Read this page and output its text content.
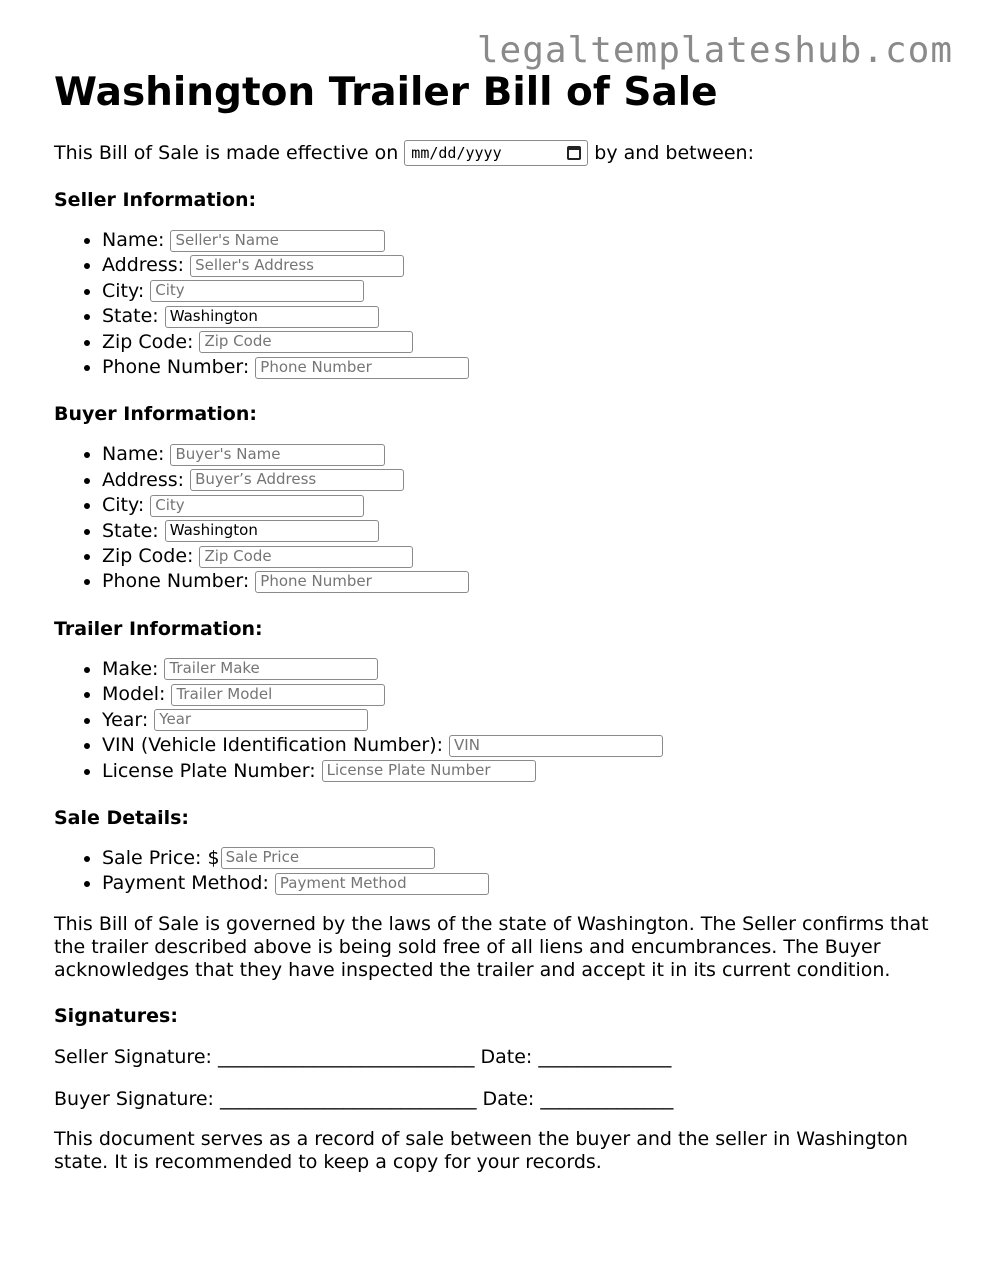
legaltemplateshub.com
Washington Trailer Bill of Sale
This Bill of Sale is made effective on mm/dd/yyyy	by and between:
Seller Information:
• Name: Seller's Name
• Address: Seller's Address
• City: City
• State: Washington
• Zip Code: Zip Code
• Phone Number: Phone Number
Buyer Information:
• Name: Buyer's Name
• Address: Buyer’s Address
• City: City
• State: Washington
• Zip Code: Zip Code
• Phone Number: Phone Number
Trailer Information:
• Make: Trailer Make
• Model: Trailer Model
• Year: Year
• VIN (Vehicle Identification Number): VIN
• License Plate Number: License Plate Number
Sale Details:
• Sale Price: $ Sale Price
• Payment Method: Payment Method

This Bill of Sale is governed by the laws of the state of Washington. The Seller confirms that the trailer described above is being sold free of all liens and encumbrances. The Buyer acknowledges that they have inspected the trailer and accept it in its current condition.

Signatures:

Seller Signature: ___________________________ Date: ______________

Buyer Signature: ___________________________ Date: ______________

This document serves as a record of sale between the buyer and the seller in Washington state. It is recommended to keep a copy for your records.
